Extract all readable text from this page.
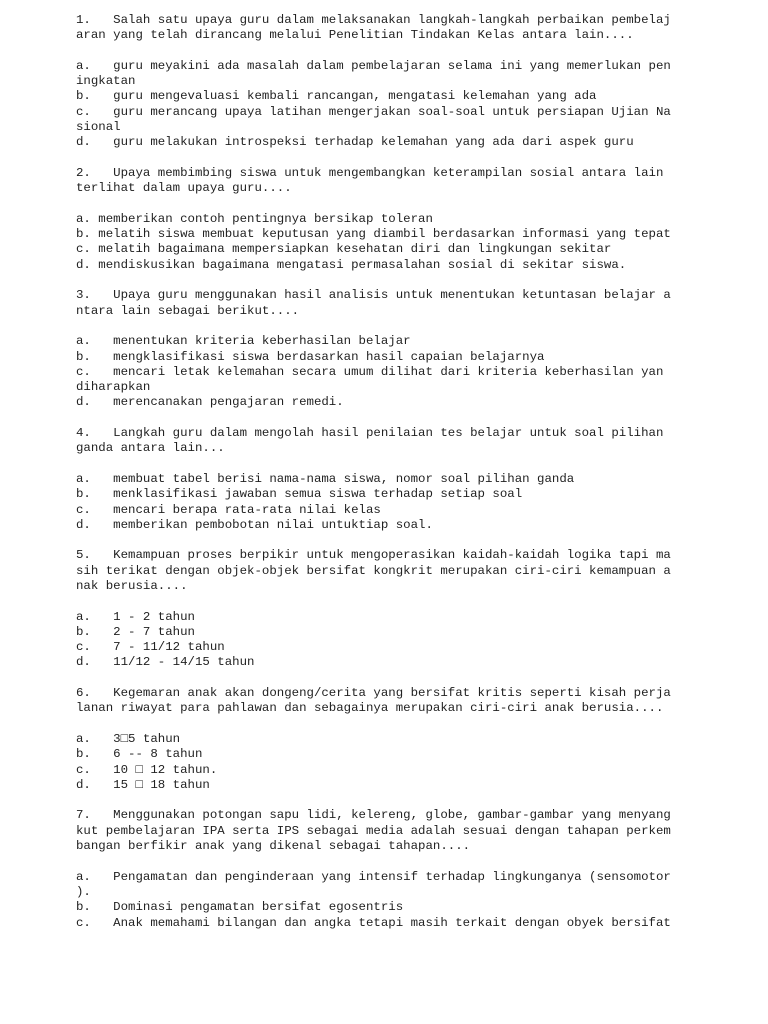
1.   Salah satu upaya guru dalam melaksanakan langkah-langkah perbaikan pembelaj
aran yang telah dirancang melalui Penelitian Tindakan Kelas antara lain....
a.   guru meyakini ada masalah dalam pembelajaran selama ini yang memerlukan pen
ingkatan
b.   guru mengevaluasi kembali rancangan, mengatasi kelemahan yang ada
c.   guru merancang upaya latihan mengerjakan soal-soal untuk persiapan Ujian Na
sional
d.   guru melakukan introspeksi terhadap kelemahan yang ada dari aspek guru
2.   Upaya membimbing siswa untuk mengembangkan keterampilan sosial antara lain
terlihat dalam upaya guru....
a. memberikan contoh pentingnya bersikap toleran
b. melatih siswa membuat keputusan yang diambil berdasarkan informasi yang tepat
c. melatih bagaimana mempersiapkan kesehatan diri dan lingkungan sekitar
d. mendiskusikan bagaimana mengatasi permasalahan sosial di sekitar siswa.
3.   Upaya guru menggunakan hasil analisis untuk menentukan ketuntasan belajar a
ntara lain sebagai berikut....
a.   menentukan kriteria keberhasilan belajar
b.   mengklasifikasi siswa berdasarkan hasil capaian belajarnya
c.   mencari letak kelemahan secara umum dilihat dari kriteria keberhasilan yan
diharapkan
d.   merencanakan pengajaran remedi.
4.   Langkah guru dalam mengolah hasil penilaian tes belajar untuk soal pilihan
ganda antara lain...
a.   membuat tabel berisi nama-nama siswa, nomor soal pilihan ganda
b.   menklasifikasi jawaban semua siswa terhadap setiap soal
c.   mencari berapa rata-rata nilai kelas
d.   memberikan pembobotan nilai untuktiap soal.
5.   Kemampuan proses berpikir untuk mengoperasikan kaidah-kaidah logika tapi ma
sih terikat dengan objek-objek bersifat kongkrit merupakan ciri-ciri kemampuan a
nak berusia....
a.   1 - 2 tahun
b.   2 - 7 tahun
c.   7 - 11/12 tahun
d.   11/12 - 14/15 tahun
6.   Kegemaran anak akan dongeng/cerita yang bersifat kritis seperti kisah perja
lanan riwayat para pahlawan dan sebagainya merupakan ciri-ciri anak berusia....
a.   3□5 tahun
b.   6 -- 8 tahun
c.   10 □ 12 tahun.
d.   15 □ 18 tahun
7.   Menggunakan potongan sapu lidi, kelereng, globe, gambar-gambar yang menyang
kut pembelajaran IPA serta IPS sebagai media adalah sesuai dengan tahapan perkem
bangan berfikir anak yang dikenal sebagai tahapan....
a.   Pengamatan dan penginderaan yang intensif terhadap lingkunganya (sensomotor
).
b.   Dominasi pengamatan bersifat egosentris
c.   Anak memahami bilangan dan angka tetapi masih terkait dengan obyek bersifat
